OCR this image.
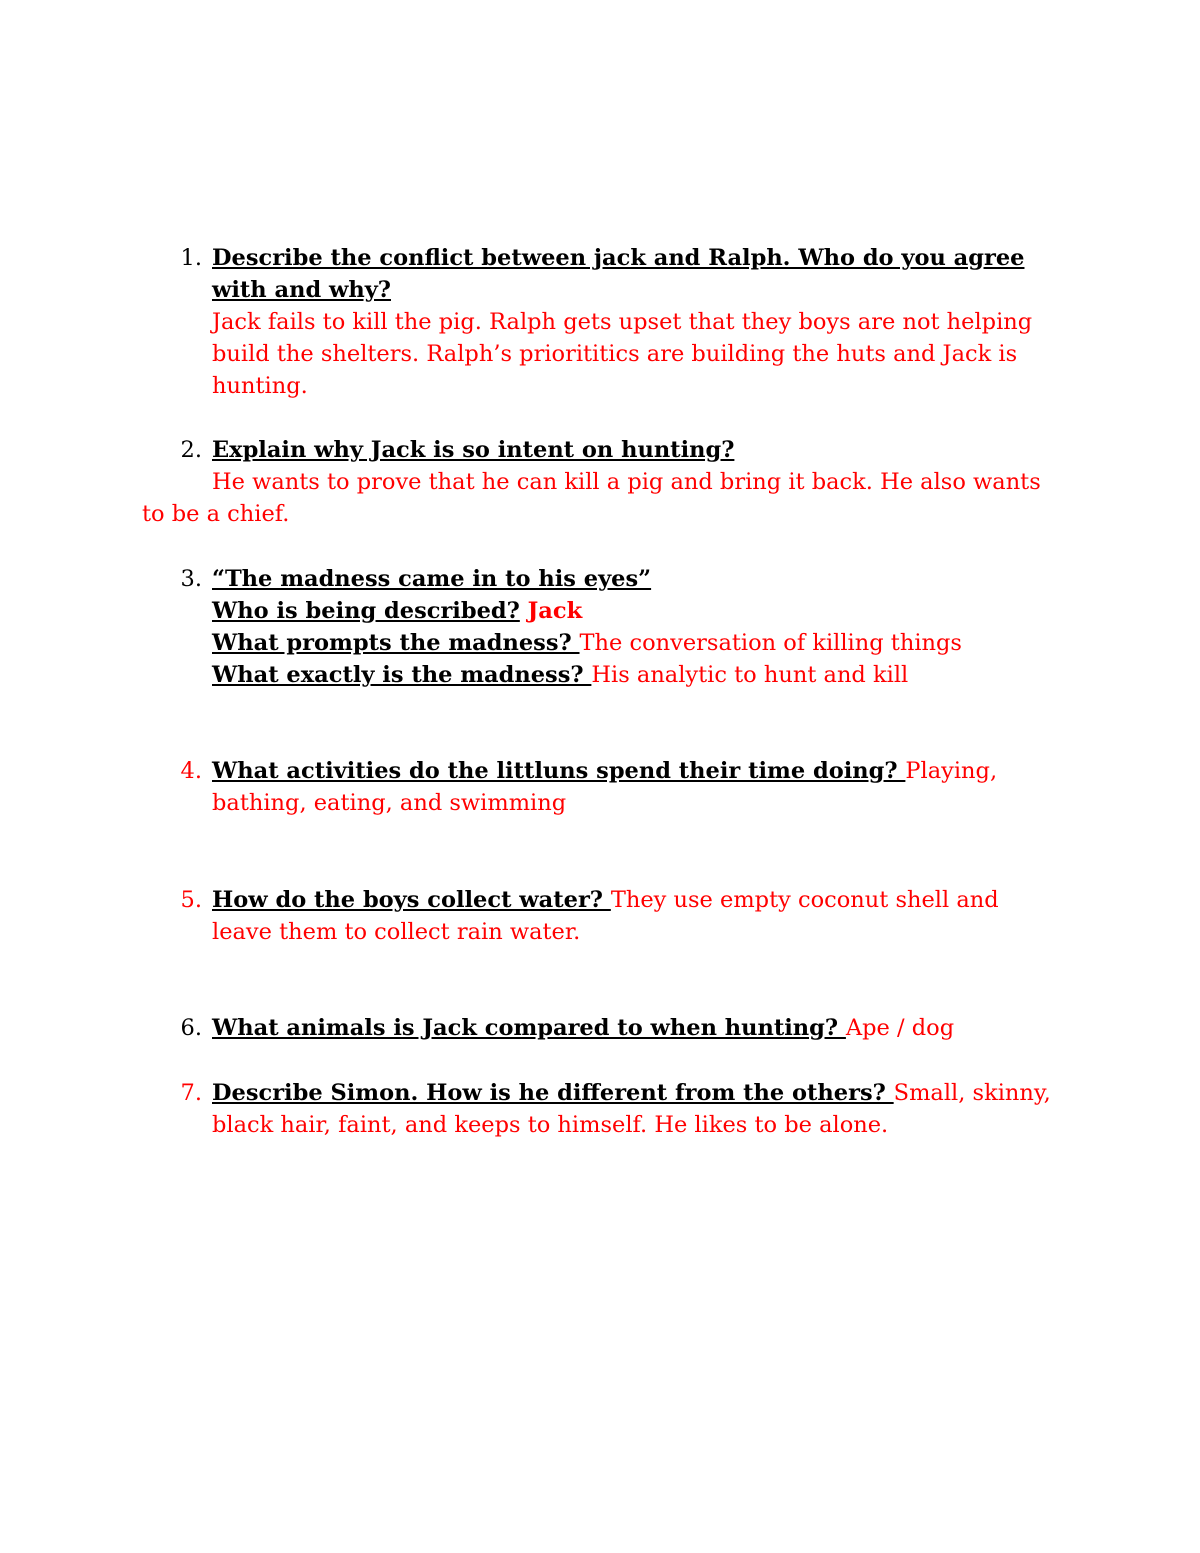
1. Describe the conflict between jack and Ralph. Who do you agree
with and why?
Jack fails to kill the pig. Ralph gets upset that they boys are not helping
build the shelters. Ralph’s priorititics are building the huts and Jack is
hunting.
2. Explain why Jack is so intent on hunting?
He wants to prove that he can kill a pig and bring it back. He also wants
to be a chief.
3. “The madness came in to his eyes”
Who is being described? Jack
What prompts the madness? The conversation of killing things
What exactly is the madness? His analytic to hunt and kill
4. What activities do the littluns spend their time doing? Playing,
bathing, eating, and swimming
5. How do the boys collect water? They use empty coconut shell and
leave them to collect rain water.
6. What animals is Jack compared to when hunting? Ape / dog
7. Describe Simon. How is he different from the others? Small, skinny,
black hair, faint, and keeps to himself. He likes to be alone.
